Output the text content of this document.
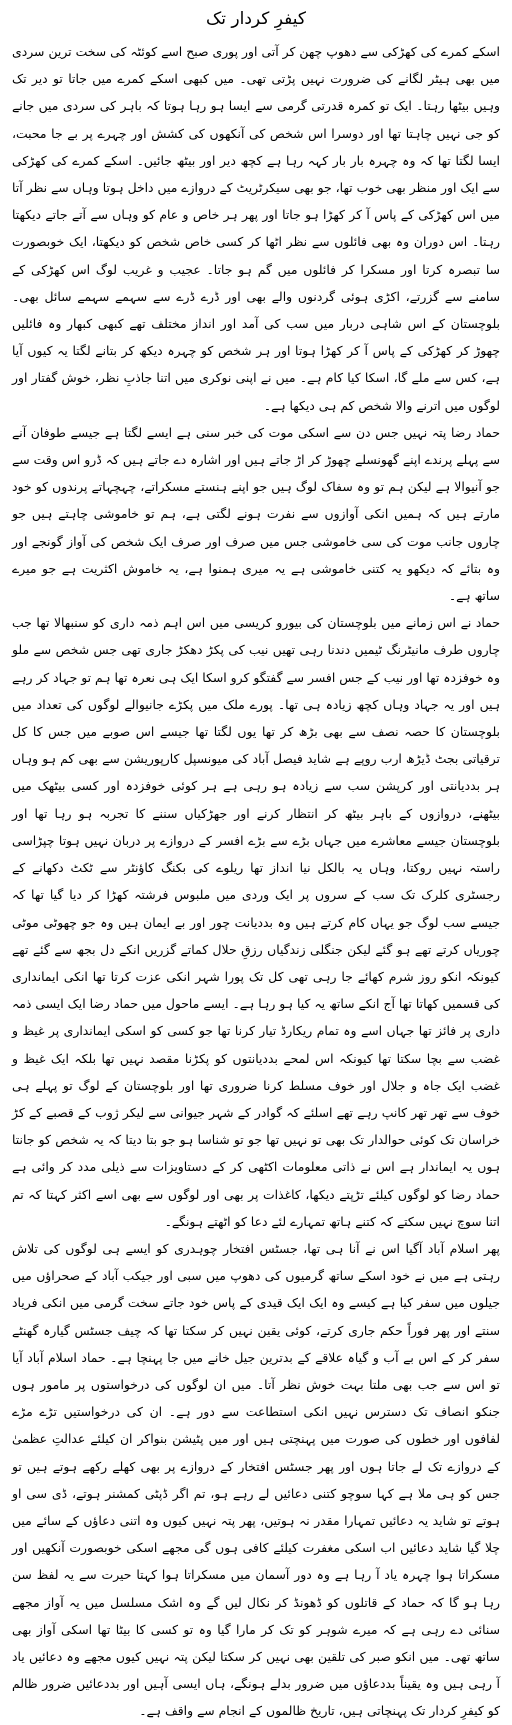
کیفرِ کردار تک

اسکے کمرے کی کھڑکی سے دھوپ چھن کر آتی اور پوری صبح اسے کوئٹہ کی سخت ترین سردی میں بھی ہیٹر لگانے کی ضرورت نہیں پڑتی تھی۔ میں کبھی اسکے کمرے میں جاتا تو دیر تک وہیں بیٹھا رہتا۔ ایک تو کمرہ قدرتی گرمی سے ایسا ہو رہا ہوتا کہ باہر کی سردی میں جانے کو جی نہیں چاہتا تھا اور دوسرا اس شخص کی آنکھوں کی کشش اور چہرے پر بے جا محبت، ایسا لگتا تھا کہ وہ چہرہ بار بار کہہ رہا ہے کچھ دیر اور بیٹھ جائیں۔ اسکے کمرے کی کھڑکی سے ایک اور منظر بھی خوب تھا، جو بھی سیکرٹریٹ کے دروازے میں داخل ہوتا وہاں سے نظر آتا میں اس کھڑکی کے پاس آ کر کھڑا ہو جاتا اور پھر ہر خاص و عام کو وہاں سے آتے جاتے دیکھتا رہتا۔ اس دوران وہ بھی فائلوں سے نظر اٹھا کر کسی خاص شخص کو دیکھتا، ایک خوبصورت سا تبصرہ کرتا اور مسکرا کر فائلوں میں گم ہو جاتا۔ عجیب و غریب لوگ اس کھڑکی کے سامنے سے گزرتے، اکڑی ہوئی گردنوں والے بھی اور ڈرے ڈرے سے سہمے سہمے سائل بھی۔ بلوچستان کے اس شاہی دربار میں سب کی آمد اور انداز مختلف تھے کبھی کبھار وہ فائلیں چھوڑ کر کھڑکی کے پاس آ کر کھڑا ہوتا اور ہر شخص کو چہرہ دیکھ کر بتانے لگتا یہ کیوں آیا ہے، کس سے ملے گا، اسکا کیا کام ہے۔ میں نے اپنی نوکری میں اتنا جاذبِ نظر، خوش گفتار اور لوگوں میں اترنے والا شخص کم ہی دیکھا ہے۔

حماد رضا پتہ نہیں جس دن سے اسکی موت کی خبر سنی ہے ایسے لگتا ہے جیسے طوفان آنے سے پہلے پرندے اپنے گھونسلے چھوڑ کر اڑ جاتے ہیں اور اشارہ دے جاتے ہیں کہ ڈرو اس وقت سے جو آنیوالا ہے لیکن ہم تو وہ سفاک لوگ ہیں جو اپنے ہنستے مسکراتے، چہچہاتے پرندوں کو خود مارتے ہیں کہ ہمیں انکی آوازوں سے نفرت ہونے لگتی ہے، ہم تو خاموشی چاہتے ہیں جو چاروں جانب موت کی سی خاموشی جس میں صرف اور صرف ایک شخص کی آواز گونجے اور وہ بتائے کہ دیکھو یہ کتنی خاموشی ہے یہ میری ہمنوا ہے، یہ خاموش اکثریت ہے جو میرے ساتھ ہے۔

حماد نے اس زمانے میں بلوچستان کی بیورو کریسی میں اس اہم ذمہ داری کو سنبھالا تھا جب چاروں طرف مانیٹرنگ ٹیمیں دندنا رہی تھیں نیب کی پکڑ دھکڑ جاری تھی جس شخص سے ملو وہ خوفزدہ تھا اور نیب کے جس افسر سے گفتگو کرو اسکا ایک ہی نعرہ تھا ہم تو جہاد کر رہے ہیں اور یہ جہاد وہاں کچھ زیادہ ہی تھا۔ پورے ملک میں پکڑے جانیوالے لوگوں کی تعداد میں بلوچستان کا حصہ نصف سے بھی بڑھ کر تھا یوں لگتا تھا جیسے اس صوبے میں جس کا کل ترقیاتی بجٹ ڈیڑھ ارب روپے ہے شاید فیصل آباد کی میونسپل کارپوریشن سے بھی کم ہو وہاں ہر بددیانتی اور کرپشن سب سے زیادہ ہو رہی ہے ہر کوئی خوفزدہ اور کسی بیٹھک میں بیٹھنے، دروازوں کے باہر بیٹھ کر انتظار کرنے اور جھڑکیاں سننے کا تجربہ ہو رہا تھا اور بلوچستان جیسے معاشرے میں جہاں بڑے سے بڑے افسر کے دروازے پر دربان نہیں ہوتا چپڑاسی راستہ نہیں روکتا، وہاں یہ بالکل نیا انداز تھا ریلوے کی بکنگ کاؤنٹر سے ٹکٹ دکھانے کے رجسٹری کلرک تک سب کے سروں پر ایک وردی میں ملبوس فرشتہ کھڑا کر دیا گیا تھا کہ جیسے سب لوگ جو یہاں کام کرتے ہیں وہ بددیانت چور اور بے ایمان ہیں وہ جو چھوٹی موٹی چوریاں کرتے تھے ہو گئے لیکن جنگلی زندگیاں رزقِ حلال کماتے گزریں انکے دل بجھ سے گئے تھے کیونکہ انکو روز شرم کھائے جا رہی تھی کل تک پورا شہر انکی عزت کرتا تھا انکی ایمانداری کی قسمیں کھاتا تھا آج انکے ساتھ یہ کیا ہو رہا ہے۔ ایسے ماحول میں حماد رضا ایک ایسی ذمہ داری پر فائز تھا جہاں اسے وہ تمام ریکارڈ تیار کرنا تھا جو کسی کو اسکی ایمانداری پر غیظ و غضب سے بچا سکتا تھا کیونکہ اس لمحے بددیانتوں کو پکڑنا مقصد نہیں تھا بلکہ ایک غیظ و غضب ایک جاہ و جلال اور خوف مسلط کرنا ضروری تھا اور بلوچستان کے لوگ تو پہلے ہی خوف سے تھر تھر کانپ رہے تھے اسلئے کہ گوادر کے شہر جیوانی سے لیکر ژوب کے قصبے کے کڑ خراسان تک کوئی حوالدار تک بھی تو نہیں تھا جو تو شناسا ہو جو بتا دیتا کہ یہ شخص کو جانتا ہوں یہ ایماندار ہے اس نے ذاتی معلومات اکٹھی کر کے دستاویزات سے ذیلی مدد کر وائی ہے حماد رضا کو لوگوں کیلئے تڑپتے دیکھا، کاغذات پر بھی اور لوگوں سے بھی اسے اکثر کہتا کہ تم اتنا سوچ نہیں سکتے کہ کتنے ہاتھ تمہارے لئے دعا کو اٹھتے ہونگے۔

پھر اسلام آباد آگیا اس نے آنا ہی تھا، جسٹس افتخار چوہدری کو ایسے ہی لوگوں کی تلاش رہتی ہے میں نے خود اسکے ساتھ گرمیوں کی دھوپ میں سبی اور جیکب آباد کے صحراؤں میں جیلوں میں سفر کیا ہے کیسے وہ ایک ایک قیدی کے پاس خود جاتے سخت گرمی میں انکی فریاد سنتے اور پھر فوراً حکم جاری کرتے، کوئی یقین نہیں کر سکتا تھا کہ چیف جسٹس گیارہ گھنٹے سفر کر کے اس بے آب و گیاہ علاقے کے بدترین جیل خانے میں جا پہنچا ہے۔ حماد اسلام آباد آیا تو اس سے جب بھی ملتا بہت خوش نظر آتا۔ میں ان لوگوں کی درخواستوں پر مامور ہوں جنکو انصاف تک دسترس نہیں انکی استطاعت سے دور ہے۔ ان کی درخواستیں تڑے مڑے لفافوں اور خطوں کی صورت میں پہنچتی ہیں اور میں پٹیشن بنواکر ان کیلئے عدالتِ عظمیٰ کے دروازے تک لے جاتا ہوں اور پھر جسٹس افتخار کے دروازے پر بھی کھلے رکھے ہوتے ہیں تو جس کو ہی ملا ہے کہا سوچو کتنی دعائیں لے رہے ہو، تم اگر ڈپٹی کمشنر ہوتے، ڈی سی او ہوتے تو شاید یہ دعائیں تمہارا مقدر نہ ہوتیں، پھر پتہ نہیں کیوں وہ اتنی دعاؤں کے سائے میں چلا گیا شاید دعائیں اب اسکی مغفرت کیلئے کافی ہوں گی مجھے اسکی خوبصورت آنکھیں اور مسکراتا ہوا چہرہ یاد آ رہا ہے وہ دور آسمان میں مسکراتا ہوا کہتا حیرت سے یہ لفظ سن رہا ہو گا کہ حماد کے قاتلوں کو ڈھونڈ کر نکال لیں گے وہ اشک مسلسل میں یہ آواز مجھے سنائی دے رہی ہے کہ میرے شوہر کو تک کر مارا گیا وہ تو کسی کا بیٹا تھا اسکی آواز بھی ساتھ تھی۔ میں انکو صبر کی تلقین بھی نہیں کر سکتا لیکن پتہ نہیں کیوں مجھے وہ دعائیں یاد آ رہی ہیں وہ یقیناً بددعاؤں میں ضرور بدلے ہونگے، ہاں ایسی آہیں اور بددعائیں ضرور ظالم کو کیفرِ کردار تک پہنچاتی ہیں، تاریخ ظالموں کے انجام سے واقف ہے۔
